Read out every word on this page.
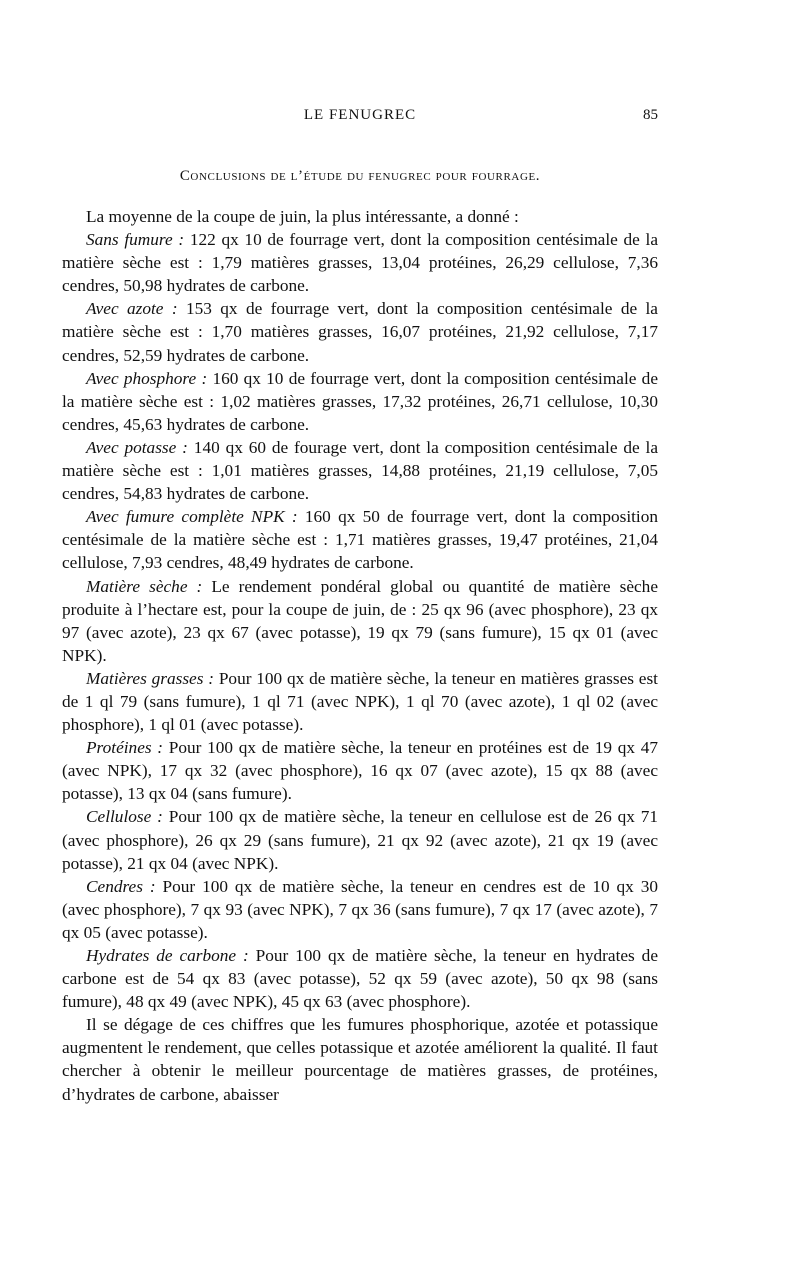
LE FENUGREC	85
Conclusions de l’étude du fenugrec pour fourrage.

La moyenne de la coupe de juin, la plus intéressante, a donné :

Sans fumure : 122 qx 10 de fourrage vert, dont la composition centésimale de la matière sèche est : 1,79 matières grasses, 13,04 protéines, 26,29 cellulose, 7,36 cendres, 50,98 hydrates de carbone.

Avec azote : 153 qx de fourrage vert, dont la composition centésimale de la matière sèche est : 1,70 matières grasses, 16,07 protéines, 21,92 cellulose, 7,17 cendres, 52,59 hydrates de carbone.

Avec phosphore : 160 qx 10 de fourrage vert, dont la composition centésimale de la matière sèche est : 1,02 matières grasses, 17,32 protéines, 26,71 cellulose, 10,30 cendres, 45,63 hydrates de carbone.

Avec potasse : 140 qx 60 de fourage vert, dont la composition centésimale de la matière sèche est : 1,01 matières grasses, 14,88 protéines, 21,19 cellulose, 7,05 cendres, 54,83 hydrates de carbone.

Avec fumure complète NPK : 160 qx 50 de fourrage vert, dont la composition centésimale de la matière sèche est : 1,71 matières grasses, 19,47 protéines, 21,04 cellulose, 7,93 cendres, 48,49 hydrates de carbone.

Matière sèche : Le rendement pondéral global ou quantité de matière sèche produite à l’hectare est, pour la coupe de juin, de : 25 qx 96 (avec phosphore), 23 qx 97 (avec azote), 23 qx 67 (avec potasse), 19 qx 79 (sans fumure), 15 qx 01 (avec NPK).

Matières grasses : Pour 100 qx de matière sèche, la teneur en matières grasses est de 1 ql 79 (sans fumure), 1 ql 71 (avec NPK), 1 ql 70 (avec azote), 1 ql 02 (avec phosphore), 1 ql 01 (avec potasse).

Protéines : Pour 100 qx de matière sèche, la teneur en protéines est de 19 qx 47 (avec NPK), 17 qx 32 (avec phosphore), 16 qx 07 (avec azote), 15 qx 88 (avec potasse), 13 qx 04 (sans fumure).

Cellulose : Pour 100 qx de matière sèche, la teneur en cellulose est de 26 qx 71 (avec phosphore), 26 qx 29 (sans fumure), 21 qx 92 (avec azote), 21 qx 19 (avec potasse), 21 qx 04 (avec NPK).

Cendres : Pour 100 qx de matière sèche, la teneur en cendres est de 10 qx 30 (avec phosphore), 7 qx 93 (avec NPK), 7 qx 36 (sans fumure), 7 qx 17 (avec azote), 7 qx 05 (avec potasse).

Hydrates de carbone : Pour 100 qx de matière sèche, la teneur en hydrates de carbone est de 54 qx 83 (avec potasse), 52 qx 59 (avec azote), 50 qx 98 (sans fumure), 48 qx 49 (avec NPK), 45 qx 63 (avec phosphore).

Il se dégage de ces chiffres que les fumures phosphorique, azotée et potassique augmentent le rendement, que celles potassique et azotée améliorent la qualité. Il faut chercher à obtenir le meilleur pourcentage de matières grasses, de protéines, d’hydrates de carbone, abaisser
